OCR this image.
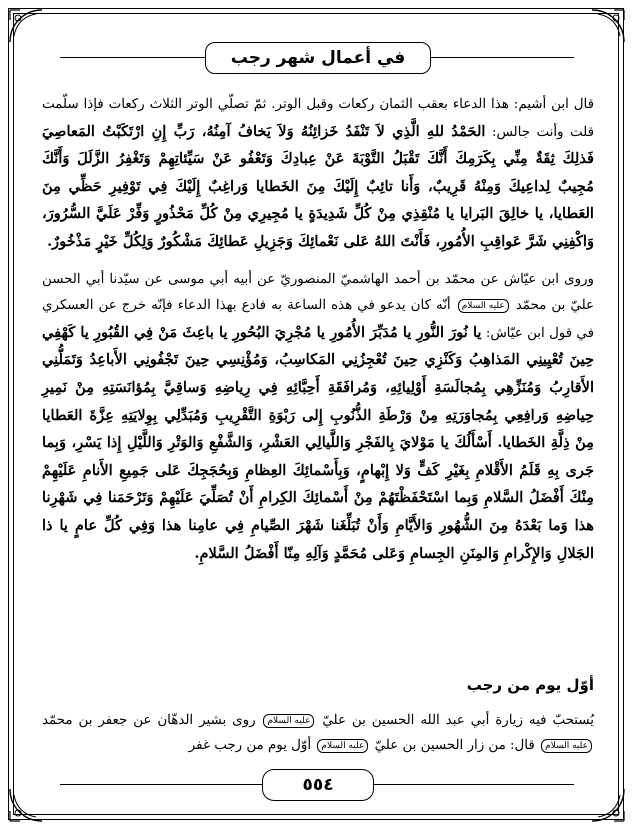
في أعمال شهر رجب

قال ابن أشيم: هذا الدعاء بعقب الثمان ركعات وقبل الوتر. ثمّ تصلّي الوتر الثلاث ركعات فإذا سلّمت قلت وأنت جالس: الحَمْدُ للهِ الَّذِي لاَ تَنْفَدُ خَزائِنُهُ وَلاَ يَخافُ آمِنُهُ، رَبِّ إِنِ ارْتَكَبْتُ المَعاصِيَ فَذلِكَ ثِقَةٌ مِنِّي بِكَرَمِكَ أَنَّكَ تَقْبَلُ التَّوْبَةَ عَنْ عِبادِكَ وَتَعْفُو عَنْ سَيِّئاتِهِمْ وَتَغْفِرُ الزَّلَلَ وَأَنَّكَ مُجِيبٌ لِداعِيكَ وَمِنْهُ قَرِيبٌ، وَأَنا تائِبٌ إِلَيْكَ مِنَ الخَطايا وَراغِبٌ إِلَيْكَ فِي تَوْفِيرِ حَظِّي مِنَ العَطايا، يا خالِقَ البَرايا يا مُنْقِذِي مِنْ كُلِّ شَدِيدَةٍ يا مُجِيرِي مِنْ كُلِّ مَحْذُورٍ وَفِّرْ عَلَيَّ السُّرُورَ، وَاكْفِنِي شَرَّ عَواقِبِ الأُمُورِ، فَأَنْتَ اللهُ عَلى نَعْمائِكَ وَجَزِيلِ عَطائِكَ مَشْكُورٌ وَلِكُلِّ خَيْرٍ مَذْخُورٌ.

وروى ابن عيّاش عن محمّد بن أحمد الهاشميّ المنصوريّ عن أبيه أبي موسى عن سيّدنا أبي الحسن عليّ بن محمّد عليه السلام أنّه كان يدعو في هذه الساعة به فادع بهذا الدعاء فإنّه خرج عن العسكري في قول ابن عيّاش: يا نُورَ النُّورِ يا مُدَبِّرَ الأُمُورِ يا مُجْرِيَ البُحُورِ يا باعِثَ مَنْ فِي القُبُورِ يا كَهْفِي حِينَ تُعْيِينِي المَذاهِبُ وَكَنْزِي حِينَ تُعْجِزُنِي المَكاسِبُ، وَمُؤْنِسِي حِينَ تَجْفُونِي الأَباعِدُ وَتَمَلُّنِي الأَقارِبُ وَمُنَزِّهِي بِمُجالَسَةِ أَوْلِيائِهِ، وَمُرافَقَةِ أَحِبَّائِهِ فِي رِياضِهِ وَساقِيَّ بِمُؤانَسَتِهِ مِنْ نَمِيرِ حِياضِهِ وَرافِعِي بِمُجاوَرَتِهِ مِنْ وَرْطَةِ الذُّنُوبِ إِلى رَبْوَةِ التَّقْرِيبِ وَمُبَدِّلِي بِوِلايَتِهِ عِزَّةَ العَطايا مِنْ ذِلَّةِ الخَطايا. أَسْأَلُكَ يا مَوْلايَ بِالفَجْرِ وَاللَّيالِي العَشْرِ، وَالشَّفْعِ وَالوَتْرِ وَاللَّيْلِ إِذا يَسْرِ، وَبِما جَرى بِهِ قَلَمُ الأَقْلامِ بِغَيْرِ كَفٍّ وَلا إِبْهامٍ، وَبِأَسْمائِكَ العِظامِ وَبِحُجَجِكَ عَلى جَمِيعِ الأَنامِ عَلَيْهِمْ مِنْكَ أَفْضَلُ السَّلامِ وَبِما اسْتَحْفَظْتَهُمْ مِنْ أَسْمائِكَ الكِرامِ أَنْ تُصَلِّيَ عَلَيْهِمْ وَتَرْحَمَنا فِي شَهْرِنا هذا وَما بَعْدَهُ مِنَ الشُّهُورِ وَالأَيَّامِ وَأَنْ تُبَلِّغَنا شَهْرَ الصِّيامِ فِي عامِنا هذا وَفِي كُلِّ عامٍ يا ذا الجَلالِ وَالإِكْرامِ وَالمِنَنِ الجِسامِ وَعَلى مُحَمَّدٍ وَآلِهِ مِنّا أَفْضَلُ السَّلامِ.

أوّل يوم من رجب
يُستحبّ فيه زيارة أبي عبد الله الحسين بن عليّ عليه السلام روى بشير الدهّان عن جعفر بن محمّد عليه السلام قال: من زار الحسين بن عليّ عليه السلام أوّل يوم من رجب غفر
٥٥٤
